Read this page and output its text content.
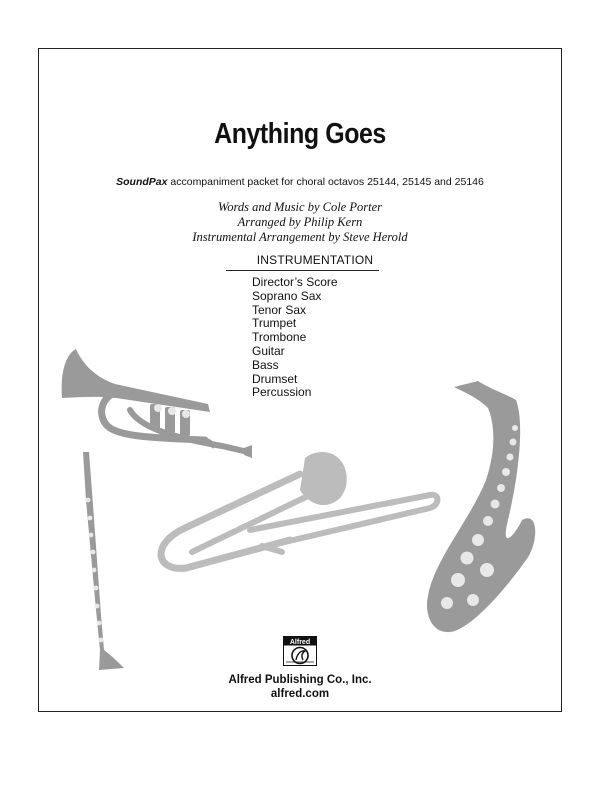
Anything Goes
SoundPax accompaniment packet for choral octavos 25144, 25145 and 25146
Words and Music by Cole Porter
Arranged by Philip Kern
Instrumental Arrangement by Steve Herold
INSTRUMENTATION
Director’s Score
Soprano Sax
Tenor Sax
Trumpet
Trombone
Guitar
Bass
Drumset
Percussion
Alfred
Alfred Publishing Co., Inc.
alfred.com
